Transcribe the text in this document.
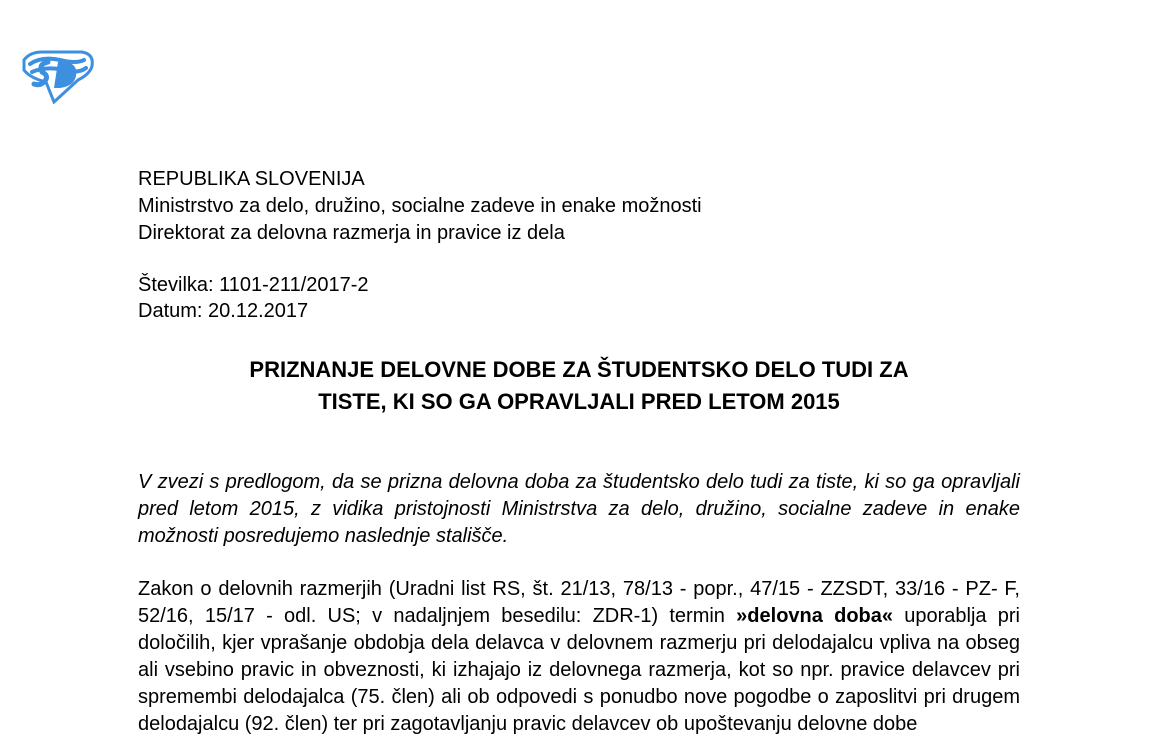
REPUBLIKA SLOVENIJA
Ministrstvo za delo, družino, socialne zadeve in enake možnosti
Direktorat za delovna razmerja in pravice iz dela
Številka: 1101-211/2017-2
Datum: 20.12.2017
PRIZNANJE DELOVNE DOBE ZA ŠTUDENTSKO DELO TUDI ZA
TISTE, KI SO GA OPRAVLJALI PRED LETOM 2015
V zvezi s predlogom, da se prizna delovna doba za študentsko delo tudi za tiste, ki so ga opravljali pred letom 2015, z vidika pristojnosti Ministrstva za delo, družino, socialne zadeve in enake možnosti posredujemo naslednje stališče.
Zakon o delovnih razmerjih (Uradni list RS, št. 21/13, 78/13 - popr., 47/15 - ZZSDT, 33/16 - PZ- F, 52/16, 15/17 - odl. US; v nadaljnjem besedilu: ZDR-1) termin »delovna doba« uporablja pri določilih, kjer vprašanje obdobja dela delavca v delovnem razmerju pri delodajalcu vpliva na obseg ali vsebino pravic in obveznosti, ki izhajajo iz delovnega razmerja, kot so npr. pravice delavcev pri spremembi delodajalca (75. člen) ali ob odpovedi s ponudbo nove pogodbe o zaposlitvi pri drugem delodajalcu (92. člen) ter pri zagotavljanju pravic delavcev ob upoštevanju delovne dobe
